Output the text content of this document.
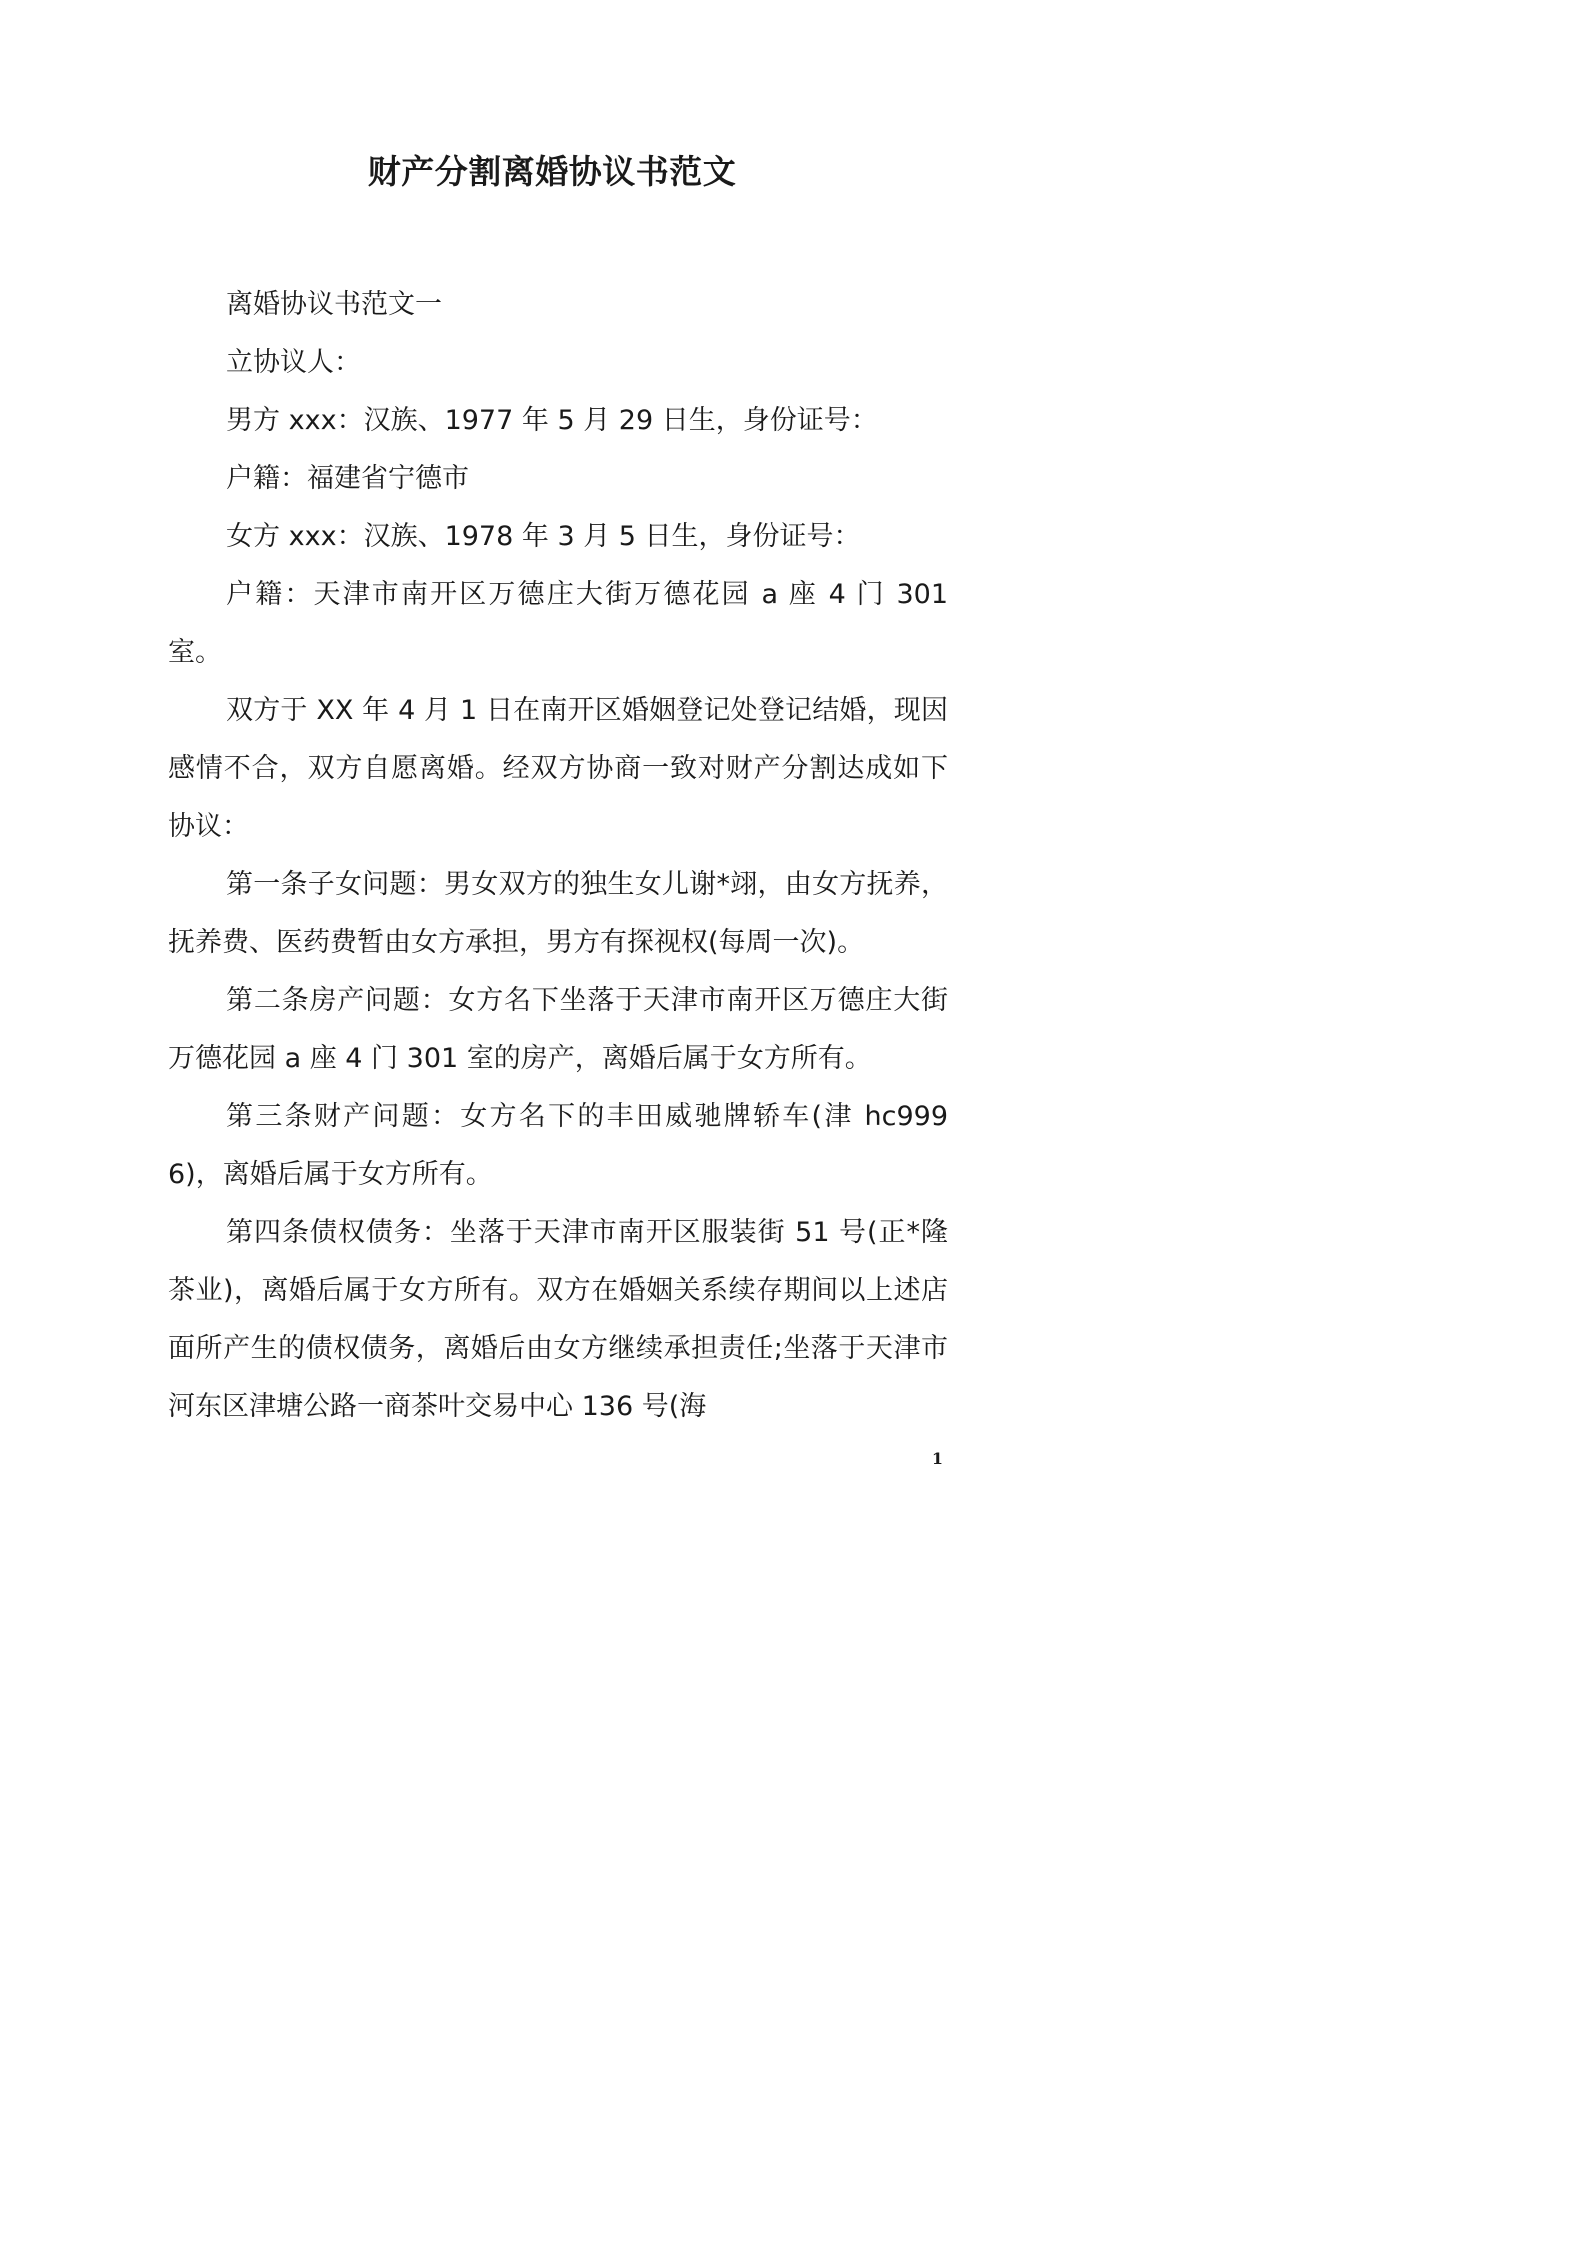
财产分割离婚协议书范文

离婚协议书范文一

立协议人：

男方 xxx：汉族、1977 年 5 月 29 日生，身份证号：

户籍：福建省宁德市

女方 xxx：汉族、1978 年 3 月 5 日生，身份证号：

户籍：天津市南开区万德庄大街万德花园 a 座 4 门 301 室。

双方于 XX 年 4 月 1 日在南开区婚姻登记处登记结婚，现因感情不合，双方自愿离婚。经双方协商一致对财产分割达成如下协议：

第一条子女问题：男女双方的独生女儿谢*翊，由女方抚养，抚养费、医药费暂由女方承担，男方有探视权(每周一次)。

第二条房产问题：女方名下坐落于天津市南开区万德庄大街万德花园 a 座 4 门 301 室的房产，离婚后属于女方所有。

第三条财产问题：女方名下的丰田威驰牌轿车(津 hc9996)，离婚后属于女方所有。

第四条债权债务：坐落于天津市南开区服装街 51 号(正*隆茶业)，离婚后属于女方所有。双方在婚姻关系续存期间以上述店面所产生的债权债务，离婚后由女方继续承担责任;坐落于天津市河东区津塘公路一商茶叶交易中心 136 号(海

1
